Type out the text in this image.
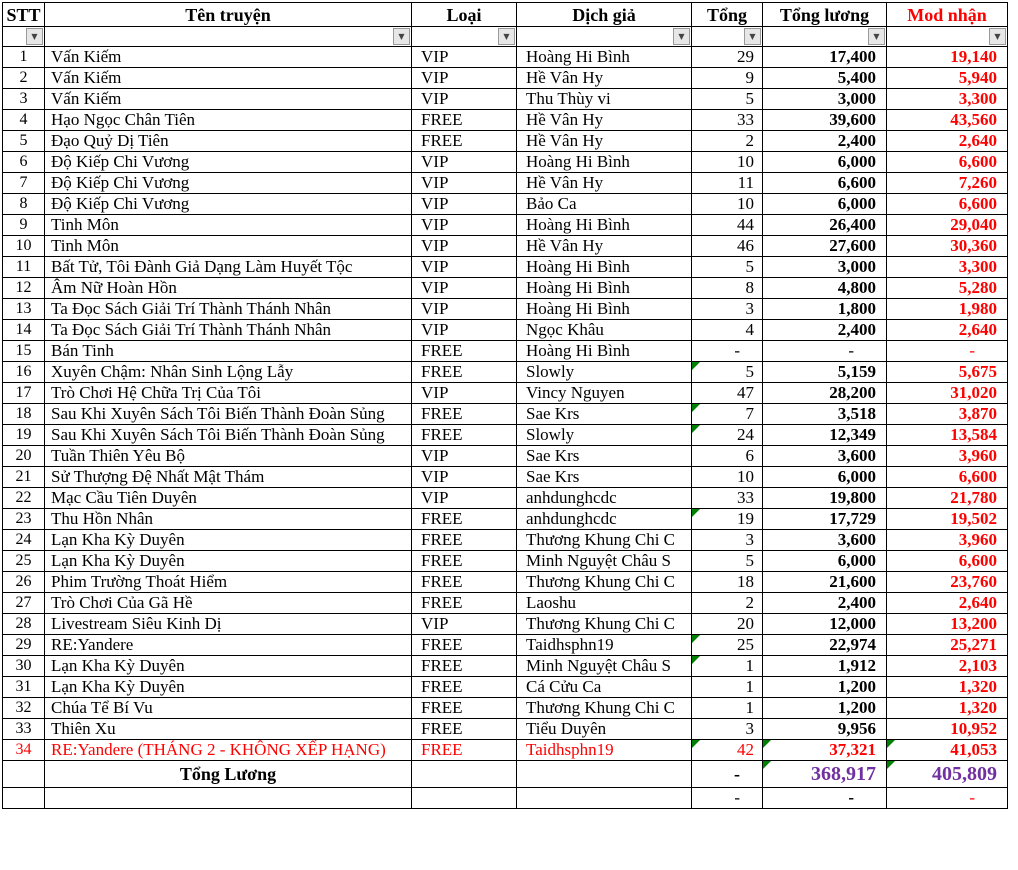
STT	Tên truyện	Loại	Dịch giả	Tổng	Tổng lương	Mod nhận

▼	▼	▼	▼	▼	▼	▼

1	Vấn Kiếm	VIP	Hoàng Hi Bình	29	17,400	19,140
2	Vấn Kiếm	VIP	Hề Vân Hy	9	5,400	5,940
3	Vấn Kiếm	VIP	Thu Thùy vi	5	3,000	3,300
4	Hạo Ngọc Chân Tiên	FREE	Hề Vân Hy	33	39,600	43,560
5	Đạo Quỷ Dị Tiên	FREE	Hề Vân Hy	2	2,400	2,640
6	Độ Kiếp Chi Vương	VIP	Hoàng Hi Bình	10	6,000	6,600
7	Độ Kiếp Chi Vương	VIP	Hề Vân Hy	11	6,600	7,260
8	Độ Kiếp Chi Vương	VIP	Bảo Ca	10	6,000	6,600
9	Tinh Môn	VIP	Hoàng Hi Bình	44	26,400	29,040
10	Tinh Môn	VIP	Hề Vân Hy	46	27,600	30,360
11	Bất Tử, Tôi Đành Giả Dạng Làm Huyết Tộc	VIP	Hoàng Hi Bình	5	3,000	3,300
12	Âm Nữ Hoàn Hồn	VIP	Hoàng Hi Bình	8	4,800	5,280
13	Ta Đọc Sách Giải Trí Thành Thánh Nhân	VIP	Hoàng Hi Bình	3	1,800	1,980
14	Ta Đọc Sách Giải Trí Thành Thánh Nhân	VIP	Ngọc Khâu	4	2,400	2,640
15	Bán Tinh	FREE	Hoàng Hi Bình	-	-	-
16	Xuyên Chậm: Nhân Sinh Lộng Lẫy	FREE	Slowly	5	5,159	5,675
17	Trò Chơi Hệ Chữa Trị Của Tôi	VIP	Vincy Nguyen	47	28,200	31,020
18	Sau Khi Xuyên Sách Tôi Biến Thành Đoàn Sủng	FREE	Sae Krs	7	3,518	3,870
19	Sau Khi Xuyên Sách Tôi Biến Thành Đoàn Sủng	FREE	Slowly	24	12,349	13,584
20	Tuần Thiên Yêu Bộ	VIP	Sae Krs	6	3,600	3,960
21	Sử Thượng Đệ Nhất Mật Thám	VIP	Sae Krs	10	6,000	6,600
22	Mạc Cầu Tiên Duyên	VIP	anhdunghcdc	33	19,800	21,780
23	Thu Hồn Nhân	FREE	anhdunghcdc	19	17,729	19,502
24	Lạn Kha Kỳ Duyên	FREE	Thương Khung Chi C	3	3,600	3,960
25	Lạn Kha Kỳ Duyên	FREE	Minh Nguyệt Châu S	5	6,000	6,600
26	Phim Trường Thoát Hiểm	FREE	Thương Khung Chi C	18	21,600	23,760
27	Trò Chơi Của Gã Hề	FREE	Laoshu	2	2,400	2,640
28	Livestream Siêu Kinh Dị	VIP	Thương Khung Chi C	20	12,000	13,200
29	RE:Yandere	FREE	Taidhsphn19	25	22,974	25,271
30	Lạn Kha Kỳ Duyên	FREE	Minh Nguyệt Châu S	1	1,912	2,103
31	Lạn Kha Kỳ Duyên	FREE	Cá Cửu Ca	1	1,200	1,320
32	Chúa Tể Bí Vu	FREE	Thương Khung Chi C	1	1,200	1,320
33	Thiên Xu	FREE	Tiểu Duyên	3	9,956	10,952
34	RE:Yandere (THÁNG 2 - KHÔNG XẾP HẠNG)	FREE	Taidhsphn19	42	37,321	41,053
	Tổng Lương			-	368,917	405,809
				-	-	-
